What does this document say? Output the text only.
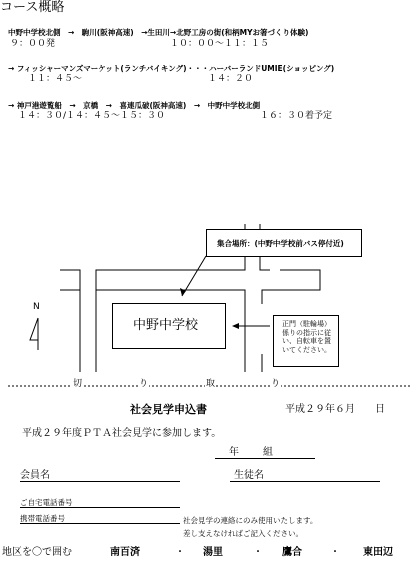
コース概略
中野中学校北側　→　駒川(阪神高速)　→生田川→北野工房の街(和柄MYお箸づくり体験)
９：００発	１０：００～１１：１５
→ フィッシャーマンズマーケット(ランチバイキング)・・・ハーバーランドUMIE(ショッピング)
１１：４５～	１４：２０
→ 神戸港遊覧船　→　京橋　→　喜連瓜破(阪神高速)　→　中野中学校北側
１４：３０/１４：４５～１５：３０	１６：３０着予定
集合場所：(中野中学校前バス停付近)
中野中学校
N
正門（駐輪場）係りの指示に従い、自転車を置いてください。
切	り	取	り
社会見学申込書	平成２９年６月　　日
平成２９年度ＰＴＡ社会見学に参加します。
年 組
会員名	生徒名
ご自宅電話番号
携帯電話番号	社会見学の連絡にのみ使用いたします。
差し支えなければご記入ください。
地区を〇で囲む	南百済	・ 湯里	・ 鷹合	・ 東田辺
